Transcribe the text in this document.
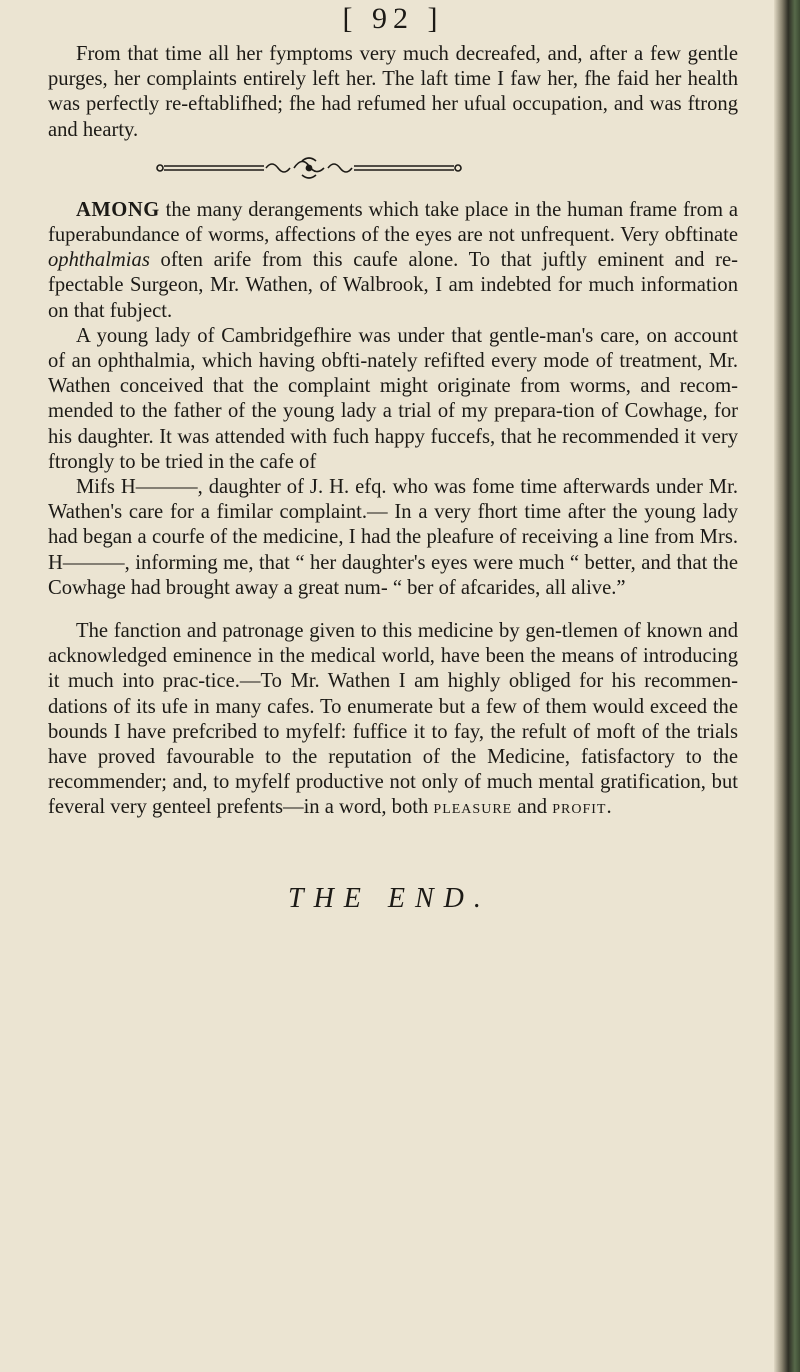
[ 92 ]

From that time all her fymptoms very much decreafed, and, after a few gentle purges, her complaints entirely left her. The laft time I faw her, fhe faid her health was perfectly re-eftablifhed; fhe had refumed her ufual occupation, and was ftrong and hearty.

AMONG the many derangements which take place in the human frame from a fuperabundance of worms, affections of the eyes are not unfrequent. Very obftinate ophthalmias often arife from this caufe alone. To that juftly eminent and re-fpectable Surgeon, Mr. Wathen, of Walbrook, I am indebted for much information on that fubject.

A young lady of Cambridgefhire was under that gentle-man's care, on account of an ophthalmia, which having obfti-nately refifted every mode of treatment, Mr. Wathen conceived that the complaint might originate from worms, and recom-mended to the father of the young lady a trial of my prepara-tion of Cowhage, for his daughter. It was attended with fuch happy fuccefs, that he recommended it very ftrongly to be tried in the cafe of

Mifs H———, daughter of J. H. efq. who was fome time afterwards under Mr. Wathen's care for a fimilar complaint.— In a very fhort time after the young lady had began a courfe of the medicine, I had the pleafure of receiving a line from Mrs. H———, informing me, that “ her daughter's eyes were much “ better, and that the Cowhage had brought away a great num- “ ber of afcarides, all alive.”

The fanction and patronage given to this medicine by gen-tlemen of known and acknowledged eminence in the medical world, have been the means of introducing it much into prac-tice.—To Mr. Wathen I am highly obliged for his recommen-dations of its ufe in many cafes. To enumerate but a few of them would exceed the bounds I have prefcribed to myfelf: fuffice it to fay, the refult of moft of the trials have proved favourable to the reputation of the Medicine, fatisfactory to the recommender; and, to myfelf productive not only of much mental gratification, but feveral very genteel prefents—in a word, both pleasure and profit.

THE END.
